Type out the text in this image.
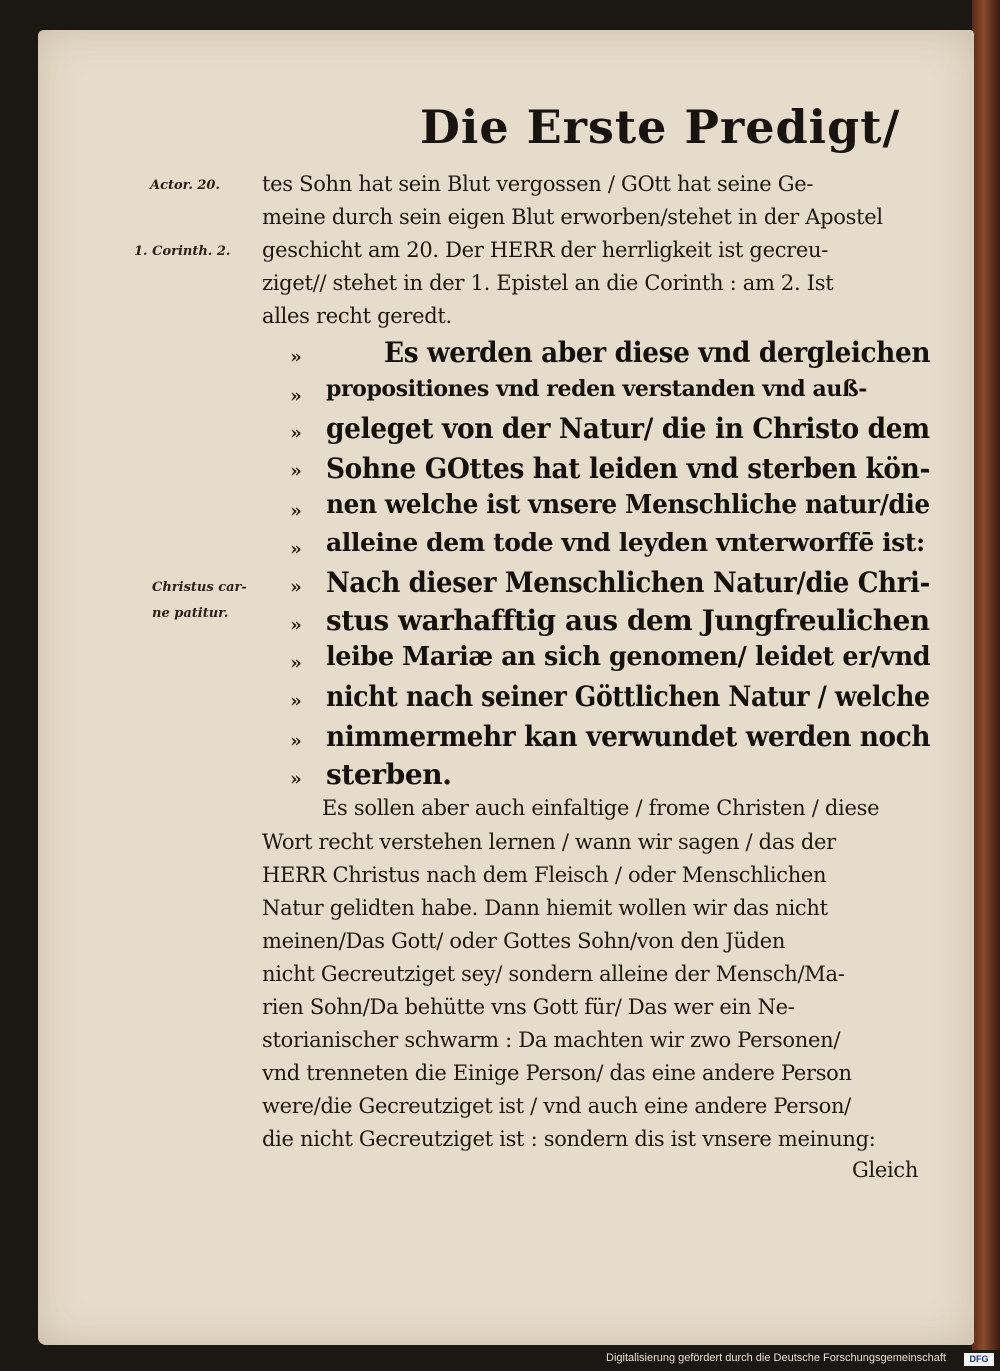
Die Erste Predigt/
Actor. 20.
1. Corinth. 2.
Christus car-
ne patitur.
tes Sohn hat sein Blut vergossen / GOtt hat seine Ge-
meine durch sein eigen Blut erworben/stehet in der Apostel
geschicht am 20. Der HERR der herrligkeit ist gecreu-
ziget// stehet in der 1. Epistel an die Corinth : am 2. Ist
alles recht geredt.
»
»
»
»
»
»
»
»
»
»
»
»
Es werden aber diese vnd dergleichen
propositiones vnd reden verstanden vnd auß-
geleget von der Natur/ die in Christo dem
Sohne GOttes hat leiden vnd sterben kön-
nen welche ist vnsere Menschliche natur/die
alleine dem tode vnd leyden vnterworffē ist:
Nach dieser Menschlichen Natur/die Chri-
stus warhafftig aus dem Jungfreulichen
leibe Mariæ an sich genomen/ leidet er/vnd
nicht nach seiner Göttlichen Natur / welche
nimmermehr kan verwundet werden noch
sterben.
Es sollen aber auch einfaltige / frome Christen / diese
Wort recht verstehen lernen / wann wir sagen / das der
HERR Christus nach dem Fleisch / oder Menschlichen
Natur gelidten habe. Dann hiemit wollen wir das nicht
meinen/Das Gott/ oder Gottes Sohn/von den Jüden
nicht Gecreutziget sey/ sondern alleine der Mensch/Ma-
rien Sohn/Da behütte vns Gott für/ Das wer ein Ne-
storianischer schwarm : Da machten wir zwo Personen/
vnd trenneten die Einige Person/ das eine andere Person
were/die Gecreutziget ist / vnd auch eine andere Person/
die nicht Gecreutziget ist : sondern dis ist vnsere meinung:
Gleich
Digitalisierung gefördert durch die Deutsche Forschungsgemeinschaft	DFG
